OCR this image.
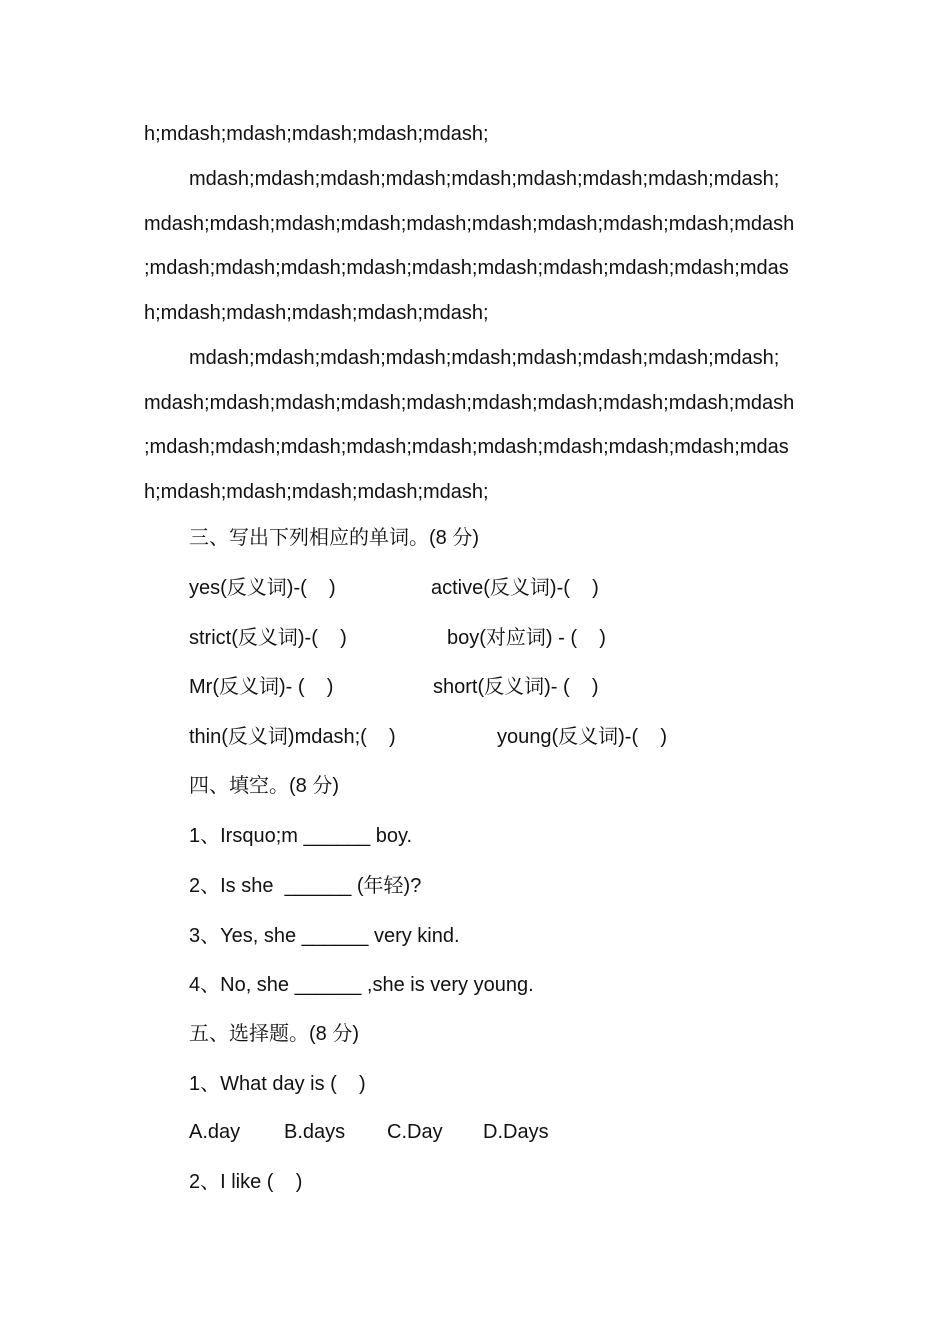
h;mdash;mdash;mdash;mdash;mdash;
mdash;mdash;mdash;mdash;mdash;mdash;mdash;mdash;mdash;
mdash;mdash;mdash;mdash;mdash;mdash;mdash;mdash;mdash;mdash
;mdash;mdash;mdash;mdash;mdash;mdash;mdash;mdash;mdash;mdas
h;mdash;mdash;mdash;mdash;mdash;
mdash;mdash;mdash;mdash;mdash;mdash;mdash;mdash;mdash;
mdash;mdash;mdash;mdash;mdash;mdash;mdash;mdash;mdash;mdash
;mdash;mdash;mdash;mdash;mdash;mdash;mdash;mdash;mdash;mdas
h;mdash;mdash;mdash;mdash;mdash;
三、写出下列相应的单词。(8 分)
yes(反义词)-(    )	active(反义词)-(    )
strict(反义词)-(    )	boy(对应词) - (    )
Mr(反义词)- (    )	short(反义词)- (    )
thin(反义词)mdash;(    )	young(反义词)-(    )
四、填空。(8 分)
1、Irsquo;m ______ boy.
2、Is she  ______ (年轻)?
3、Yes, she ______ very kind.
4、No, she ______ ,she is very young.
五、选择题。(8 分)
1、What day is (    )
A.day B.days C.Day D.Days
2、I like (    )
